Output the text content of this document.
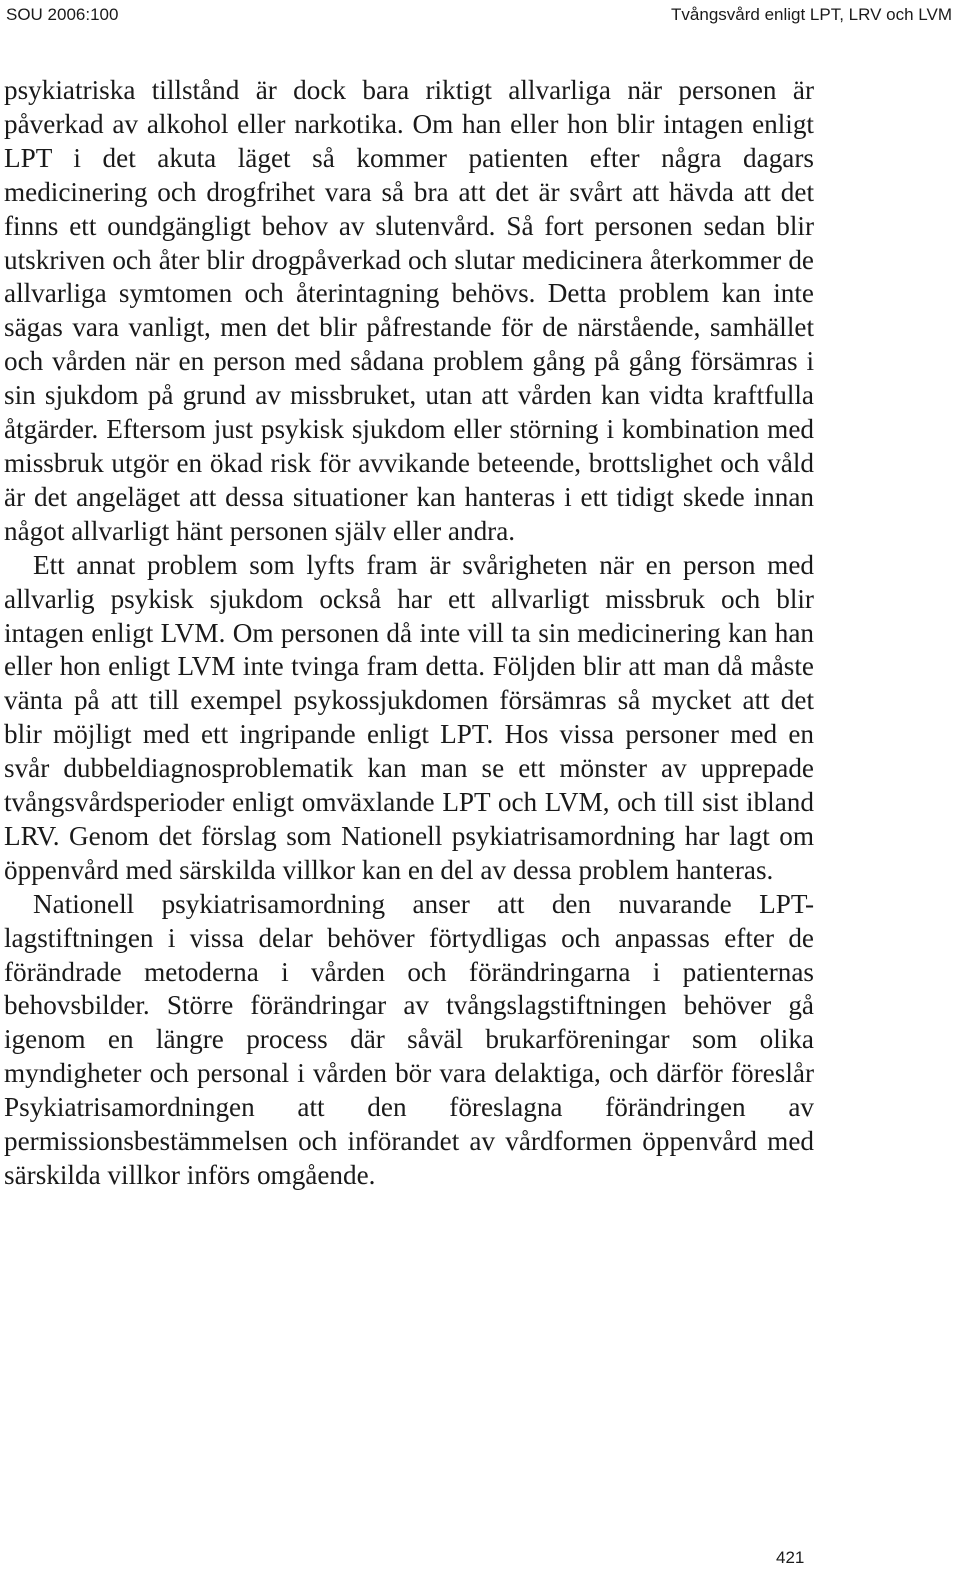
SOU 2006:100	Tvångsvård enligt LPT, LRV och LVM

psykiatriska tillstånd är dock bara riktigt allvarliga när personen är påverkad av alkohol eller narkotika. Om han eller hon blir intagen enligt LPT i det akuta läget så kommer patienten efter några dagars medicinering och drogfrihet vara så bra att det är svårt att hävda att det finns ett oundgängligt behov av slutenvård. Så fort personen sedan blir utskriven och åter blir drogpåverkad och slutar medicinera återkommer de allvarliga symtomen och återintagning behövs. Detta problem kan inte sägas vara vanligt, men det blir påfrestande för de närstående, samhället och vården när en person med sådana problem gång på gång försämras i sin sjukdom på grund av missbruket, utan att vården kan vidta kraftfulla åtgärder. Eftersom just psykisk sjukdom eller störning i kombination med missbruk utgör en ökad risk för avvikande beteende, brottslighet och våld är det angeläget att dessa situationer kan hanteras i ett tidigt skede innan något allvarligt hänt personen själv eller andra.

Ett annat problem som lyfts fram är svårigheten när en person med allvarlig psykisk sjukdom också har ett allvarligt missbruk och blir intagen enligt LVM. Om personen då inte vill ta sin medicinering kan han eller hon enligt LVM inte tvinga fram detta. Följden blir att man då måste vänta på att till exempel psykossjukdomen försämras så mycket att det blir möjligt med ett ingripande enligt LPT. Hos vissa personer med en svår dubbeldiagnosproblematik kan man se ett mönster av upprepade tvångsvårdsperioder enligt omväxlande LPT och LVM, och till sist ibland LRV. Genom det förslag som Nationell psykiatrisamordning har lagt om öppenvård med särskilda villkor kan en del av dessa problem hanteras.

Nationell psykiatrisamordning anser att den nuvarande LPT-lagstiftningen i vissa delar behöver förtydligas och anpassas efter de förändrade metoderna i vården och förändringarna i patienternas behovsbilder. Större förändringar av tvångslagstiftningen behöver gå igenom en längre process där såväl brukarföreningar som olika myndigheter och personal i vården bör vara delaktiga, och därför föreslår Psykiatrisamordningen att den föreslagna förändringen av permissionsbestämmelsen och införandet av vårdformen öppenvård med särskilda villkor införs omgående.

421
